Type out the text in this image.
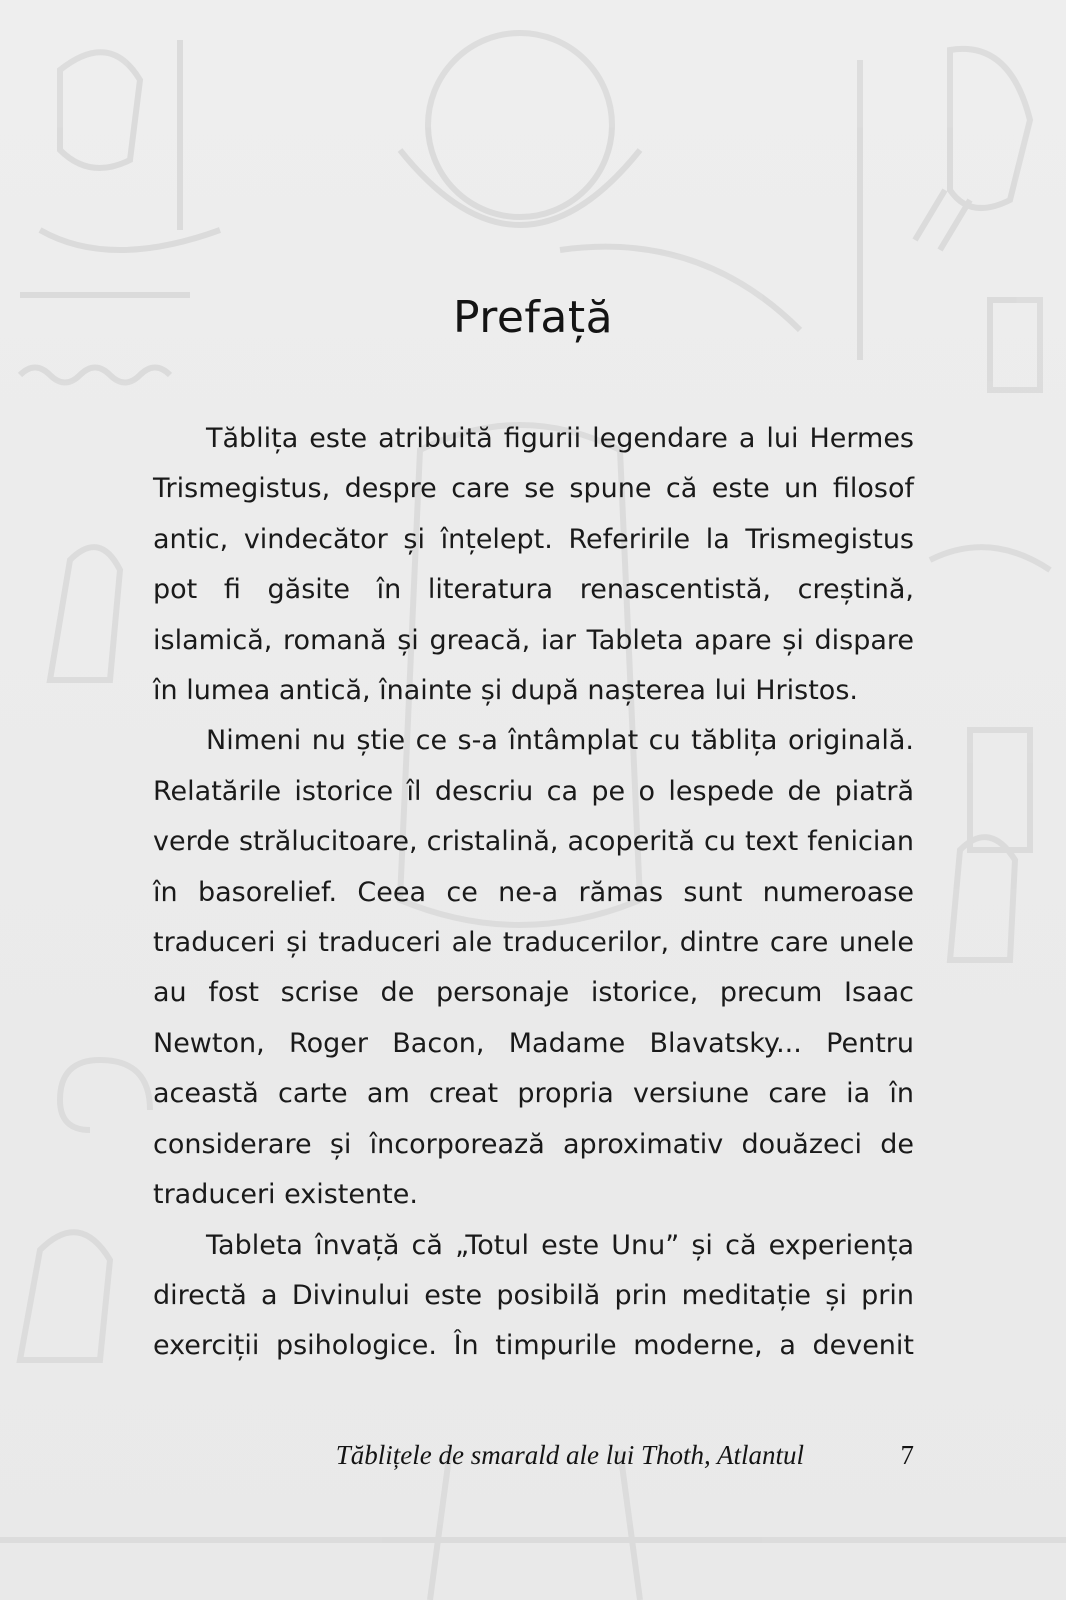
Prefață

Tăblița este atribuită figurii legendare a lui Hermes Trismegistus, despre care se spune că este un filosof antic, vindecător și înțelept. Referirile la Trismegistus pot fi găsite în literatura renascentistă, creștină, islamică, romană și greacă, iar Tableta apare și dispare în lumea antică, înainte și după nașterea lui Hristos.

Nimeni nu știe ce s-a întâmplat cu tăblița originală. Relatările istorice îl descriu ca pe o lespede de piatră verde strălucitoare, cristalină, acoperită cu text fenician în basorelief. Ceea ce ne-a rămas sunt numeroase traduceri și traduceri ale traducerilor, dintre care unele au fost scrise de personaje istorice, precum Isaac Newton, Roger Bacon, Madame Blavatsky... Pentru această carte am creat propria versiune care ia în considerare și încorporează aproximativ douăzeci de traduceri existente.

Tableta învață că „Totul este Unu” și că experiența directă a Divinului este posibilă prin meditație și prin exerciții psihologice. În timpurile moderne, a devenit

Tăblițele de smarald ale lui Thoth, Atlantul	7
